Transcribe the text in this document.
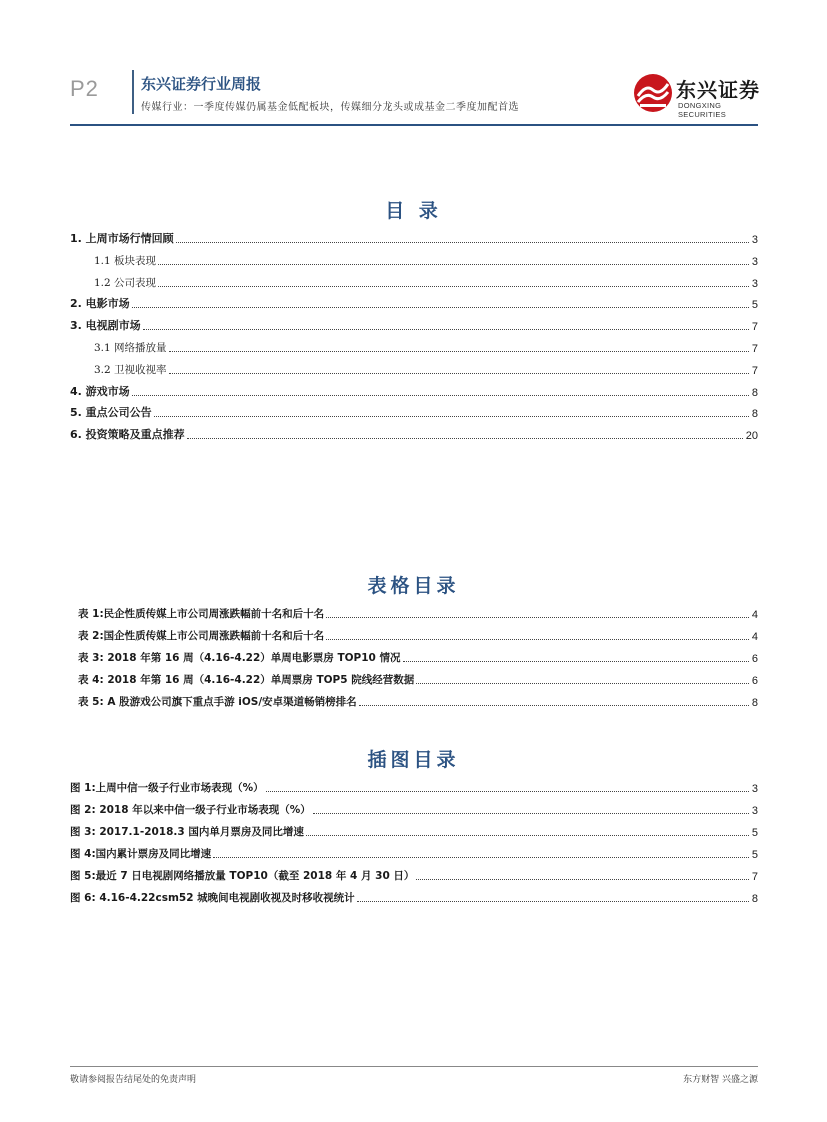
P2	东兴证券行业周报
传媒行业：一季度传媒仍属基金低配板块，传媒细分龙头或成基金二季度加配首选
东兴证券
DONGXING SECURITIES
目 录
1. 上周市场行情回顾	3
1.1 板块表现	3
1.2 公司表现	3
2. 电影市场	5
3. 电视剧市场	7
3.1 网络播放量	7
3.2 卫视收视率	7
4. 游戏市场	8
5. 重点公司公告	8
6. 投资策略及重点推荐	20
表格目录
表 1:民企性质传媒上市公司周涨跌幅前十名和后十名	4
表 2:国企性质传媒上市公司周涨跌幅前十名和后十名	4
表 3: 2018 年第 16 周（4.16-4.22）单周电影票房 TOP10 情况	6
表 4: 2018 年第 16 周（4.16-4.22）单周票房 TOP5 院线经营数据	6
表 5: A 股游戏公司旗下重点手游 iOS/安卓渠道畅销榜排名	8
插图目录
图 1:上周中信一级子行业市场表现（%）	3
图 2: 2018 年以来中信一级子行业市场表现（%）	3
图 3: 2017.1-2018.3 国内单月票房及同比增速	5
图 4:国内累计票房及同比增速	5
图 5:最近 7 日电视剧网络播放量 TOP10（截至 2018 年 4 月 30 日）	7
图 6: 4.16-4.22csm52 城晚间电视剧收视及时移收视统计	8
敬请参阅报告结尾处的免责声明	东方财智 兴盛之源
